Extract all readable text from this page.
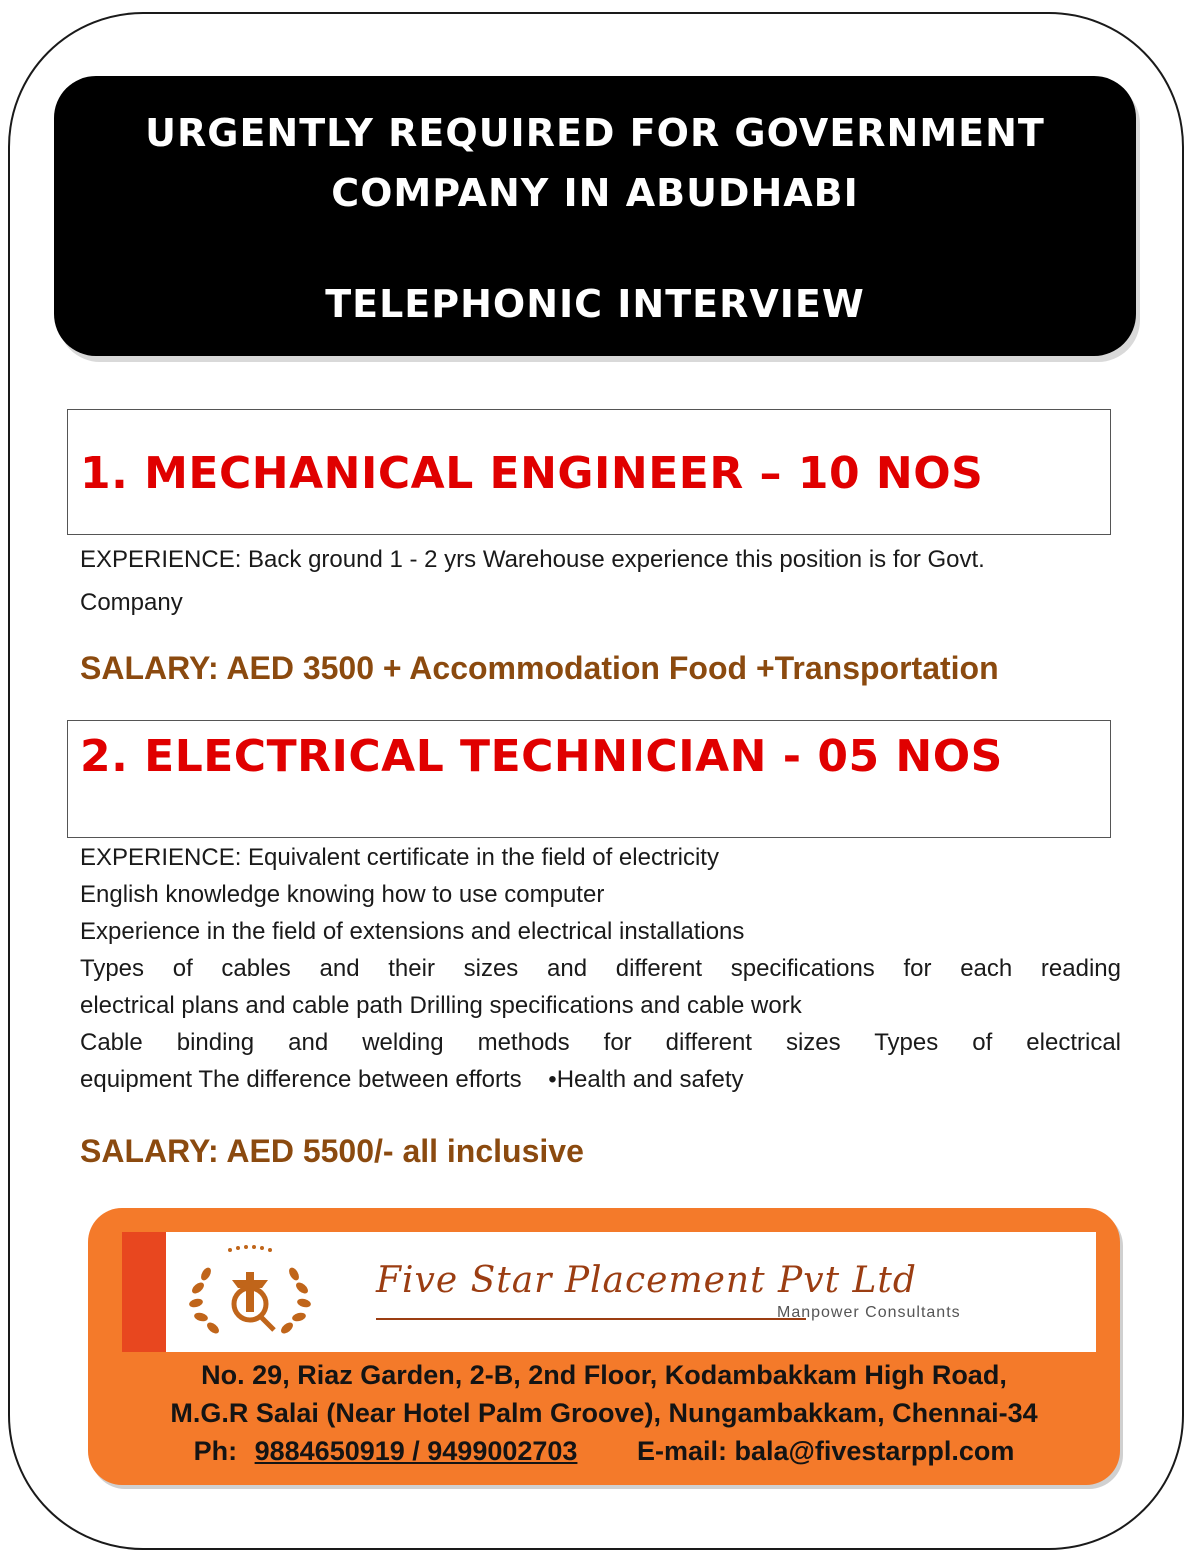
URGENTLY REQUIRED FOR GOVERNMENT
COMPANY IN ABUDHABI
TELEPHONIC INTERVIEW
1. MECHANICAL ENGINEER – 10 NOS
EXPERIENCE: Back ground 1 - 2 yrs Warehouse experience this position is for Govt.
Company
SALARY: AED 3500 + Accommodation Food +Transportation
2. ELECTRICAL TECHNICIAN - 05 NOS
EXPERIENCE: Equivalent certificate in the field of electricity
English knowledge knowing how to use computer
Experience in the field of extensions and electrical installations
Types of cables and their sizes and different specifications for each reading
electrical plans and cable path Drilling specifications and cable work
Cable binding and welding methods for different sizes Types of electrical
equipment The difference between efforts    •Health and safety
SALARY: AED 5500/- all inclusive
Five Star Placement Pvt Ltd
Manpower Consultants
No. 29, Riaz Garden, 2-B, 2nd Floor, Kodambakkam High Road,
M.G.R Salai (Near Hotel Palm Groove), Nungambakkam, Chennai-34
Ph: 9884650919 / 9499002703 E-mail: bala@fivestarppl.com
